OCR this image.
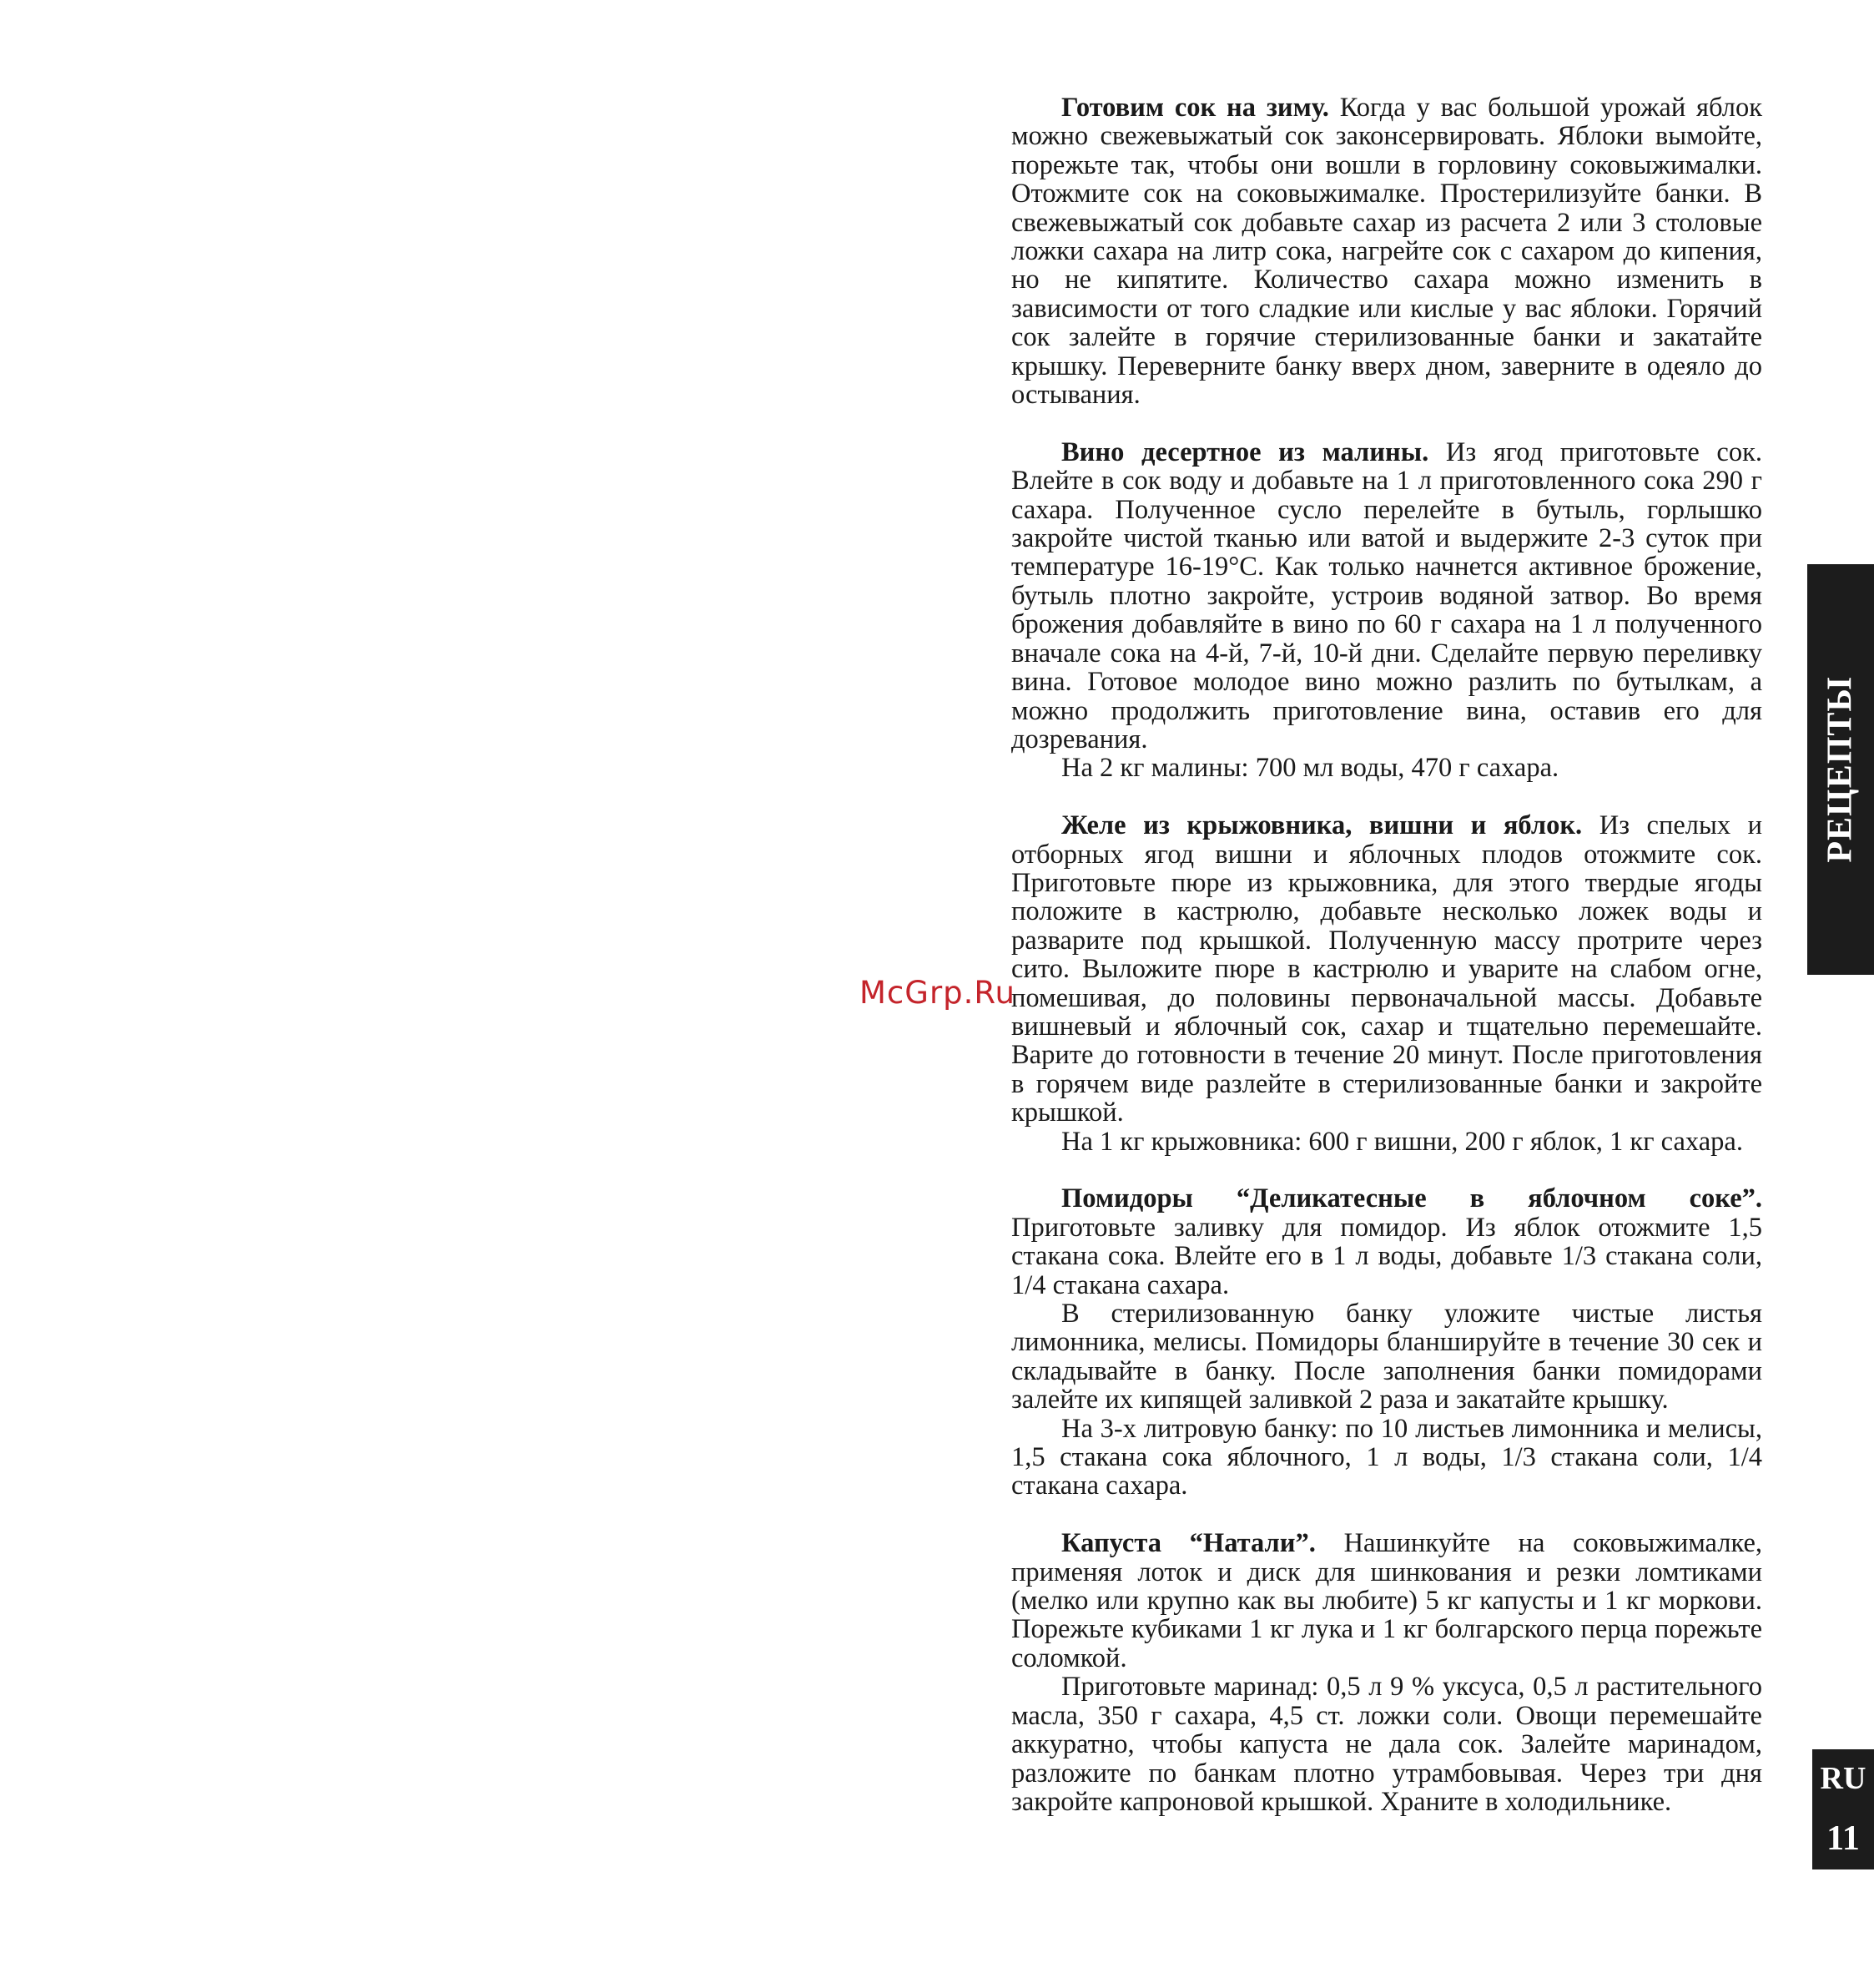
Готовим сок на зиму. Когда у вас большой урожай яблок можно свежевыжатый сок законсервировать. Яблоки вымойте, порежьте так, чтобы они вошли в горловину соковыжималки. Отожмите сок на соковыжималке. Простерилизуйте банки. В свежевыжатый сок добавьте сахар из расчета 2 или 3 столовые ложки сахара на литр сока, нагрейте сок с сахаром до кипения, но не кипятите. Количество сахара можно изменить в зависимости от того сладкие или кислые у вас яблоки. Горячий сок залейте в горячие стерилизованные банки и закатайте крышку. Переверните банку вверх дном, заверните в одеяло до остывания.

Вино десертное из малины. Из ягод приготовьте сок. Влейте в сок воду и добавьте на 1 л приготовленного сока 290 г сахара. Полученное сусло перелейте в бутыль, горлышко закройте чистой тканью или ватой и выдержите 2-3 суток при температуре 16-19°С. Как только начнется активное брожение, бутыль плотно закройте, устроив водяной затвор. Во время брожения добавляйте в вино по 60 г сахара на 1 л полученного вначале сока на 4-й, 7-й, 10-й дни. Сделайте первую переливку вина. Готовое молодое вино можно разлить по бутылкам, а можно продолжить приготовление вина, оставив его для дозревания.

На 2 кг малины: 700 мл воды, 470 г сахара.

Желе из крыжовника, вишни и яблок. Из спелых и отборных ягод вишни и яблочных плодов отожмите сок. Приготовьте пюре из крыжовника, для этого твердые ягоды положите в кастрюлю, добавьте несколько ложек воды и разварите под крышкой. Полученную массу протрите через сито. Выложите пюре в кастрюлю и уварите на слабом огне, помешивая, до половины первоначальной массы. Добавьте вишневый и яблочный сок, сахар и тщательно перемешайте. Варите до готовности в течение 20 минут. После приготовления в горячем виде разлейте в стерилизованные банки и закройте крышкой.

На 1 кг крыжовника: 600 г вишни, 200 г яблок, 1 кг сахара.

Помидоры “Деликатесные в яблочном соке”. Приготовьте заливку для помидор. Из яблок отожмите 1,5 стакана сока. Влейте его в 1 л воды, добавьте 1/3 стакана соли, 1/4 стакана сахара.

В стерилизованную банку уложите чистые листья лимонника, мелисы. Помидоры бланшируйте в течение 30 сек и складывайте в банку. После заполнения банки помидорами залейте их кипящей заливкой 2 раза и закатайте крышку.

На 3-х литровую банку: по 10 листьев лимонника и мелисы, 1,5 стакана сока яблочного, 1 л воды, 1/3 стакана соли, 1/4 стакана сахара.

Капуста “Натали”. Нашинкуйте на соковыжималке, применяя лоток и диск для шинкования и резки ломтиками (мелко или крупно как вы любите) 5 кг капусты и 1 кг моркови. Порежьте кубиками 1 кг лука и 1 кг болгарского перца порежьте соломкой.

Приготовьте маринад: 0,5 л 9 % уксуса, 0,5 л растительного масла, 350 г сахара, 4,5 ст. ложки соли. Овощи перемешайте аккуратно, чтобы капуста не дала сок. Залейте маринадом, разложите по банкам плотно утрамбовывая. Через три дня закройте капроновой крышкой. Храните в холодильнике.

РЕЦЕПТЫ
RU
11
McGrp.Ru
